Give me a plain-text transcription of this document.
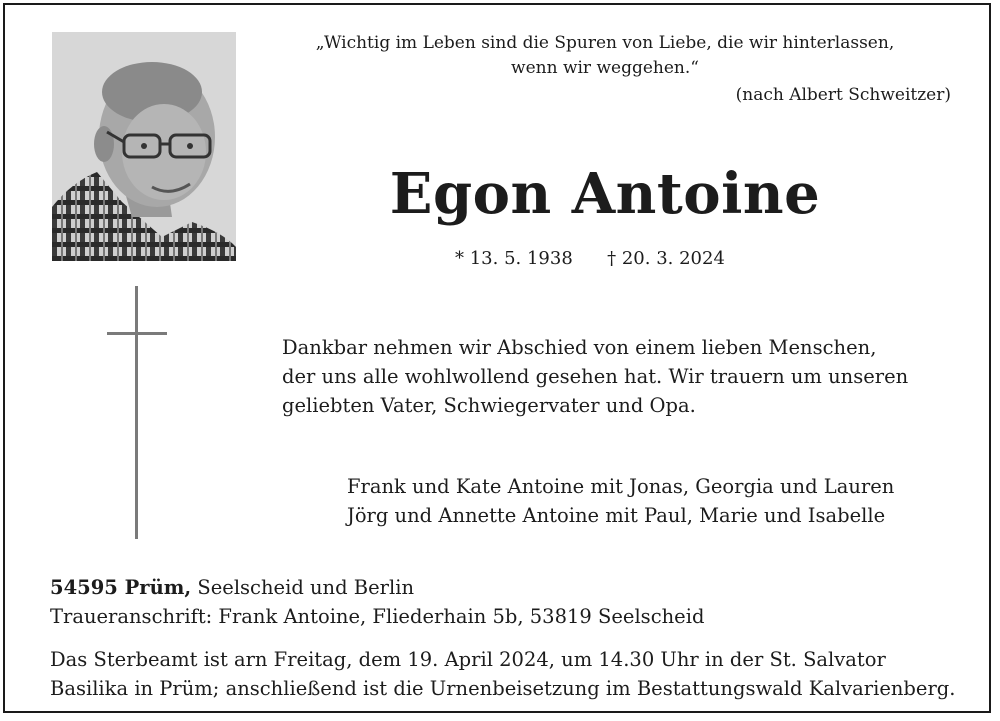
„Wichtig im Leben sind die Spuren von Liebe, die wir hinterlassen,
wenn wir weggehen.“
(nach Albert Schweitzer)
Egon Antoine
* 13. 5. 1938 † 20. 3. 2024

Dankbar nehmen wir Abschied von einem lieben Menschen,

der uns alle wohlwollend gesehen hat. Wir trauern um unseren

geliebten Vater, Schwiegervater und Opa.

Frank und Kate Antoine mit Jonas, Georgia und Lauren
Jörg und Annette Antoine mit Paul, Marie und Isabelle
54595 Prüm, Seelscheid und Berlin
Traueranschrift: Frank Antoine, Fliederhain 5b, 53819 Seelscheid
Das Sterbeamt ist arn Freitag, dem 19. April 2024, um 14.30 Uhr in der St. Salvator
Basilika in Prüm; anschließend ist die Urnenbeisetzung im Bestattungswald Kalvarienberg.
